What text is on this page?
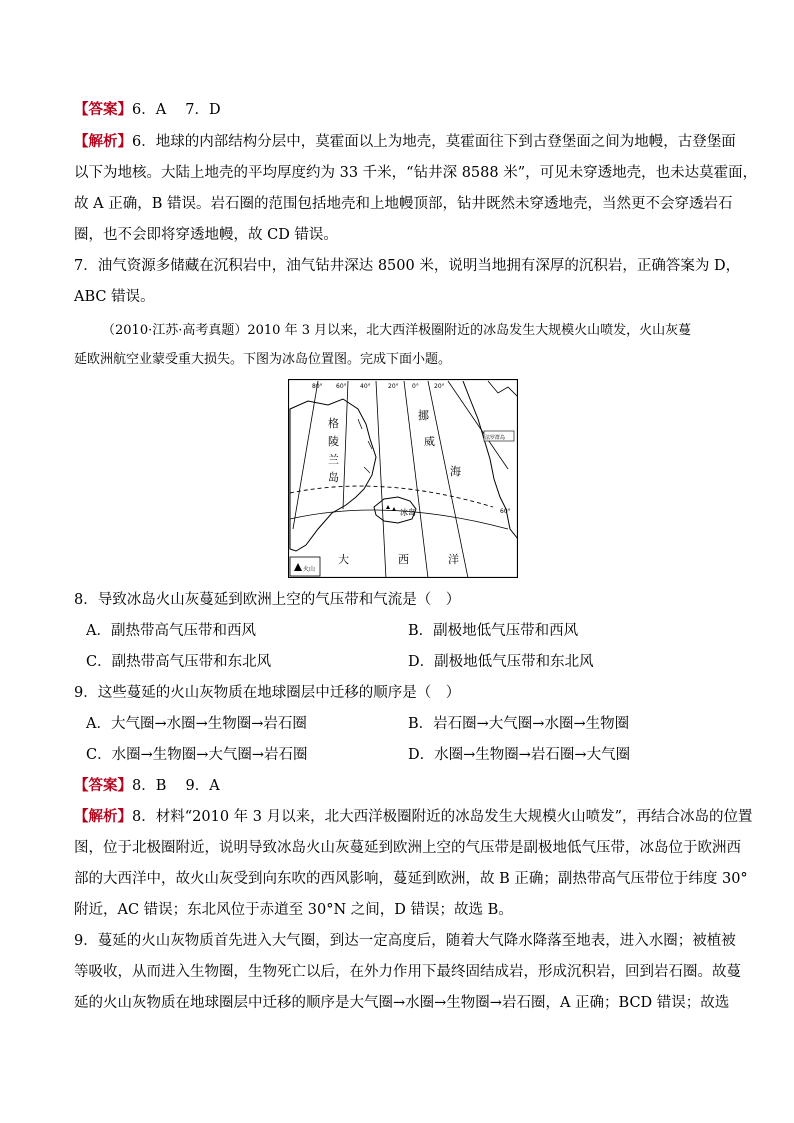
【答案】6．A　 7．D
【解析】6．地球的内部结构分层中，莫霍面以上为地壳，莫霍面往下到古登堡面之间为地幔，古登堡面
以下为地核。大陆上地壳的平均厚度约为 33 千米，“钻井深 8588 米”，可见未穿透地壳，也未达莫霍面，
故 A 正确，B 错误。岩石圈的范围包括地壳和上地幔顶部，钻井既然未穿透地壳，当然更不会穿透岩石
圈，也不会即将穿透地幔，故 CD 错误。
7．油气资源多储藏在沉积岩中，油气钻井深达 8500 米，说明当地拥有深厚的沉积岩，正确答案为 D，
ABC 错误。
（2010·江苏·高考真题）2010 年 3 月以来，北大西洋极圈附近的冰岛发生大规模火山喷发，火山灰蔓
延欧洲航空业蒙受重大损失。下图为冰岛位置图。完成下面小题。
80° 60° 40°	20° 0°	20°
格
陵
兰
岛
挪
威
海
冰岛	60°
法罗群岛
大	西	洋
火山
8．导致冰岛火山灰蔓延到欧洲上空的气压带和气流是（　）
A．副热带高气压带和西风	B．副极地低气压带和西风
C．副热带高气压带和东北风	D．副极地低气压带和东北风
9．这些蔓延的火山灰物质在地球圈层中迁移的顺序是（　）
A．大气圈→水圈→生物圈→岩石圈	B．岩石圈→大气圈→水圈→生物圈
C．水圈→生物圈→大气圈→岩石圈	D．水圈→生物圈→岩石圈→大气圈
【答案】8．B　 9．A
【解析】8．材料“2010 年 3 月以来，北大西洋极圈附近的冰岛发生大规模火山喷发”，再结合冰岛的位置
图，位于北极圈附近，说明导致冰岛火山灰蔓延到欧洲上空的气压带是副极地低气压带，冰岛位于欧洲西
部的大西洋中，故火山灰受到向东吹的西风影响，蔓延到欧洲，故 B 正确；副热带高气压带位于纬度 30°
附近，AC 错误；东北风位于赤道至 30°N 之间，D 错误；故选 B。
9．蔓延的火山灰物质首先进入大气圈，到达一定高度后，随着大气降水降落至地表，进入水圈；被植被
等吸收，从而进入生物圈，生物死亡以后，在外力作用下最终固结成岩，形成沉积岩，回到岩石圈。故蔓
延的火山灰物质在地球圈层中迁移的顺序是大气圈→水圈→生物圈→岩石圈，A 正确；BCD 错误；故选
